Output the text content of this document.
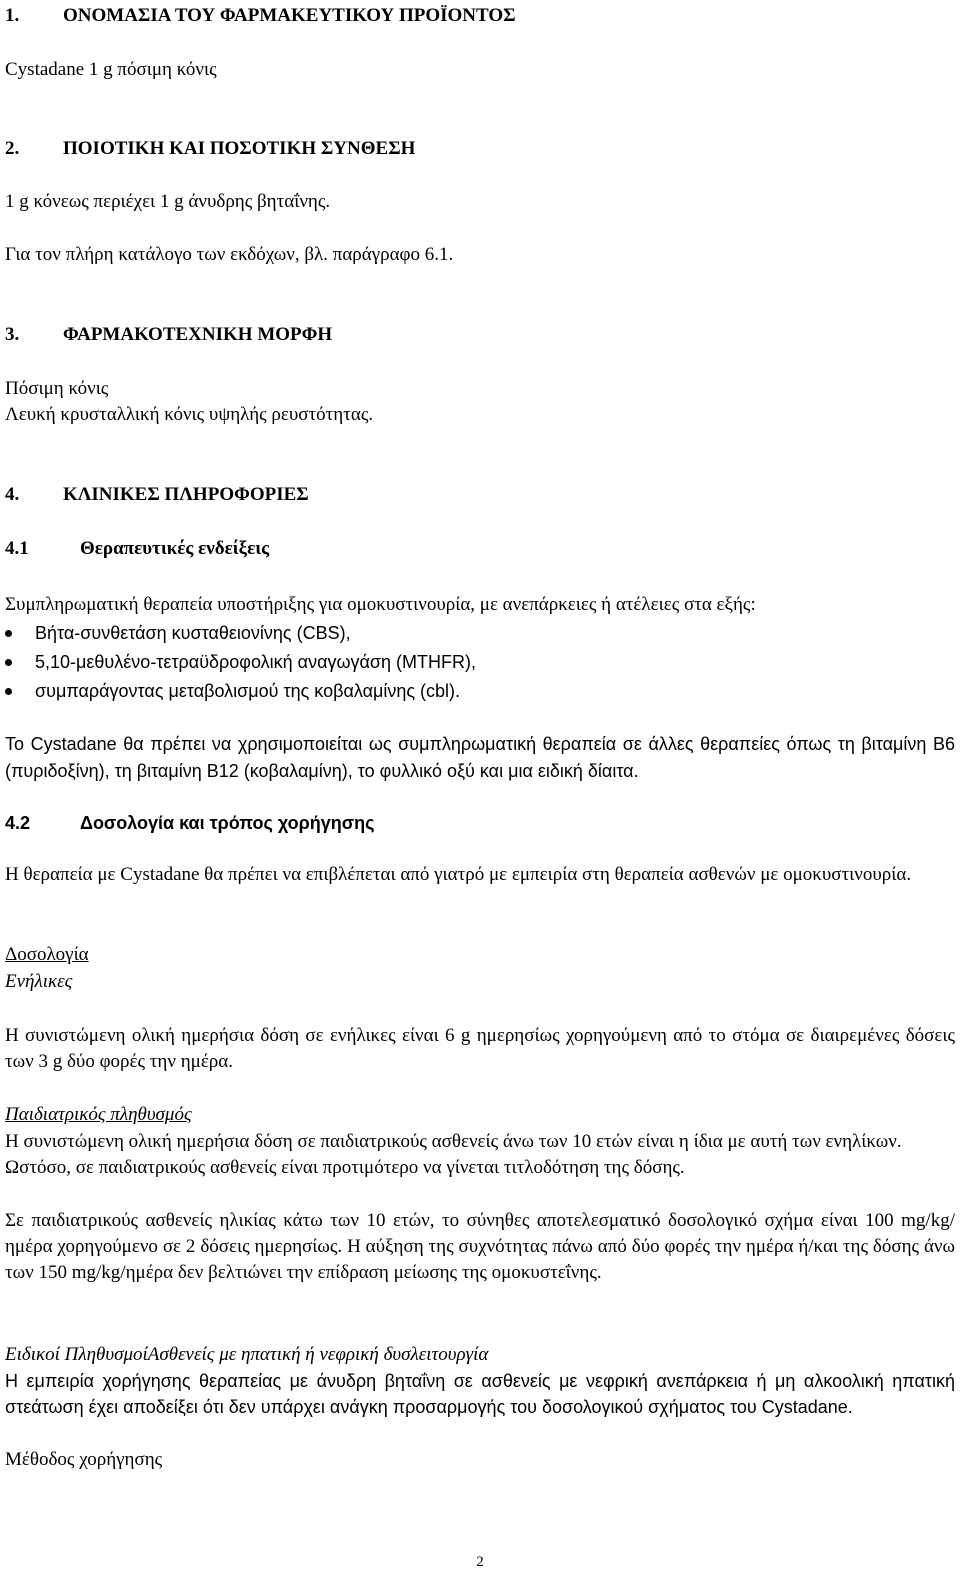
1. ΟΝΟΜΑΣΙΑ ΤΟΥ ΦΑΡΜΑΚΕΥΤΙΚΟΥ ΠΡΟΪΟΝΤΟΣ
Cystadane 1 g πόσιμη κόνις
2. ΠΟΙΟΤΙΚΗ ΚΑΙ ΠΟΣΟΤΙΚΗ ΣΥΝΘΕΣΗ
1 g κόνεως περιέχει 1 g άνυδρης βηταΐνης.
Για τον πλήρη κατάλογο των εκδόχων, βλ. παράγραφο 6.1.
3. ΦΑΡΜΑΚΟΤΕΧΝΙΚΗ ΜΟΡΦΗ
Πόσιμη κόνις
Λευκή κρυσταλλική κόνις υψηλής ρευστότητας.
4. ΚΛΙΝΙΚΕΣ ΠΛΗΡΟΦΟΡΙΕΣ
4.1	Θεραπευτικές ενδείξεις
Συμπληρωματική θεραπεία υποστήριξης για ομοκυστινουρία, με ανεπάρκειες ή ατέλειες στα εξής:
Βήτα-συνθετάση κυσταθειονίνης (CBS),
5,10-μεθυλένο-τετραϋδροφολική αναγωγάση (MTHFR),
συμπαράγοντας μεταβολισμού της κοβαλαμίνης (cbl).
Το Cystadane θα πρέπει να χρησιμοποιείται ως συμπληρωματική θεραπεία σε άλλες θεραπείες όπως τη βιταμίνη B6 (πυριδοξίνη), τη βιταμίνη B12 (κοβαλαμίνη), το φυλλικό οξύ και μια ειδική δίαιτα.
4.2	Δοσολογία και τρόπος χορήγησης
Η θεραπεία με Cystadane θα πρέπει να επιβλέπεται από γιατρό με εμπειρία στη θεραπεία ασθενών με ομοκυστινουρία.
Δοσολογία
Ενήλικες
Η συνιστώμενη ολική ημερήσια δόση σε ενήλικες είναι 6 g ημερησίως χορηγούμενη από το στόμα σε διαιρεμένες δόσεις των 3 g δύο φορές την ημέρα.
Παιδιατρικός πληθυσμός
Η συνιστώμενη ολική ημερήσια δόση σε παιδιατρικούς ασθενείς άνω των 10 ετών είναι η ίδια με αυτή των ενηλίκων. Ωστόσο, σε παιδιατρικούς ασθενείς είναι προτιμότερο να γίνεται τιτλοδότηση της δόσης.
Σε παιδιατρικούς ασθενείς ηλικίας κάτω των 10 ετών, το σύνηθες αποτελεσματικό δοσολογικό σχήμα είναι 100 mg/kg/ημέρα χορηγούμενο σε 2 δόσεις ημερησίως. Η αύξηση της συχνότητας πάνω από δύο φορές την ημέρα ή/και της δόσης άνω των 150 mg/kg/ημέρα δεν βελτιώνει την επίδραση μείωσης της ομοκυστεΐνης.
Ειδικοί ΠληθυσμοίΑσθενείς με ηπατική ή νεφρική δυσλειτουργία
Η εμπειρία χορήγησης θεραπείας με άνυδρη βηταΐνη σε ασθενείς με νεφρική ανεπάρκεια ή μη αλκοολική ηπατική στεάτωση έχει αποδείξει ότι δεν υπάρχει ανάγκη προσαρμογής του δοσολογικού σχήματος του Cystadane.
Μέθοδος χορήγησης
2
